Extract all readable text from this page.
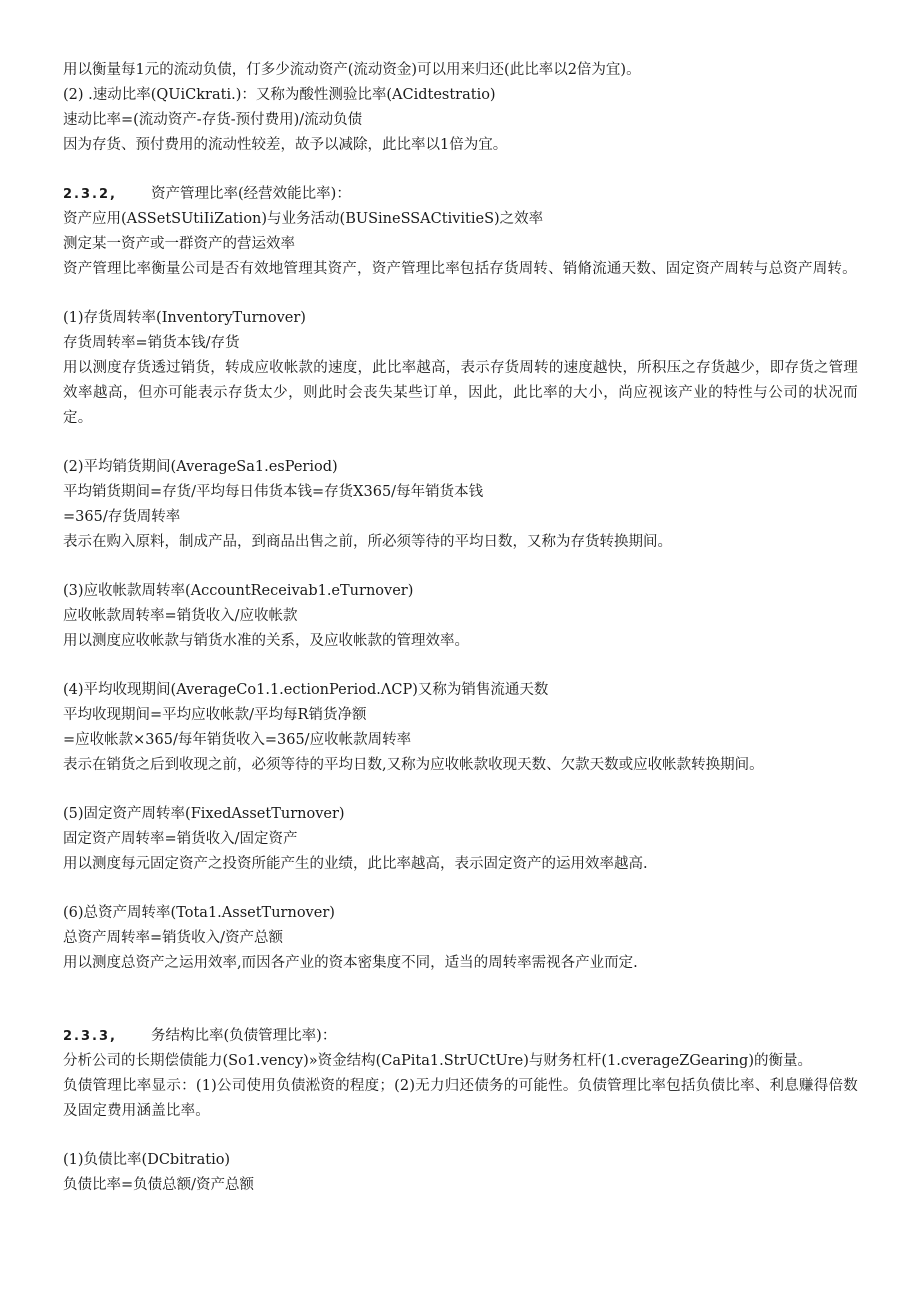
用以衡量每1元的流动负债，仃多少流动资产(流动资金)可以用来归还(此比率以2倍为宜)。
(2) .速动比率(QUiCkrati.)：又称为酸性测验比率(ACidtestratio)
速动比率=(流动资产-存货-预付费用)/流动负债
因为存货、预付费用的流动性较差，故予以减除，此比率以1倍为宜。
2.3.2, 资产管理比率(经营效能比率)：
资产应用(ASSetSUtiIiZation)与业务活动(BUSineSSACtivitieS)之效率
测定某一资产或一群资产的营运效率
资产管理比率衡量公司是否有效地管理其资产，资产管理比率包括存货周转、销脩流通天数、固定资产周转与总资产周转。
(1)存货周转率(InventoryTurnover)
存货周转率=销货本钱/存货
用以测度存货透过销货，转成应收帐款的速度，此比率越高，表示存货周转的速度越快，所积压之存货越少，即存货之管理效率越高，但亦可能表示存货太少，则此时会丧失某些订单，因此，此比率的大小，尚应视该产业的特性与公司的状况而定。
(2)平均销货期间(AverageSa1.esPeriod)
平均销货期间=存货/平均每日伟货本钱=存货X365/每年销货本钱
=365/存货周转率
表示在购入原料，制成产品，到商品出售之前，所必须等待的平均日数，又称为存货转换期间。
(3)应收帐款周转率(AccountReceivab1.eTurnover)
应收帐款周转率=销货收入/应收帐款
用以测度应收帐款与销货水准的关系，及应收帐款的管理效率。
(4)平均收现期间(AverageCo1.1.ectionPeriod.ΛCP)又称为销售流通天数
平均收现期间=平均应收帐款/平均每R销货净额
=应收帐款×365/每年销货收入=365/应收帐款周转率
表示在销货之后到收现之前，必须等待的平均日数,又称为应收帐款收现天数、欠款天数或应收帐款转换期间。
(5)固定资产周转率(FixedAssetTurnover)
固定资产周转率=销货收入/固定资产
用以测度每元固定资产之投资所能产生的业绩，此比率越高，表示固定资产的运用效率越高.
(6)总资产周转率(Tota1.AssetTurnover)
总资产周转率=销货收入/资产总额
用以测度总资产之运用效率,而因各产业的资本密集度不同，适当的周转率需视各产业而定.
2.3.3, 务结构比率(负债管理比率)：
分析公司的长期偿债能力(So1.vency)»资金结构(CaPita1.StrUCtUre)与财务杠杆(1.cverageZGearing)的衡量。
负债管理比率显示：(1)公司使用负债淞资的程度；(2)无力归还债务的可能性。负债管理比率包括负债比率、利息赚得倍数及固定费用涵盖比率。
(1)负债比率(DCbitratio)
负债比率=负债总额/资产总额
